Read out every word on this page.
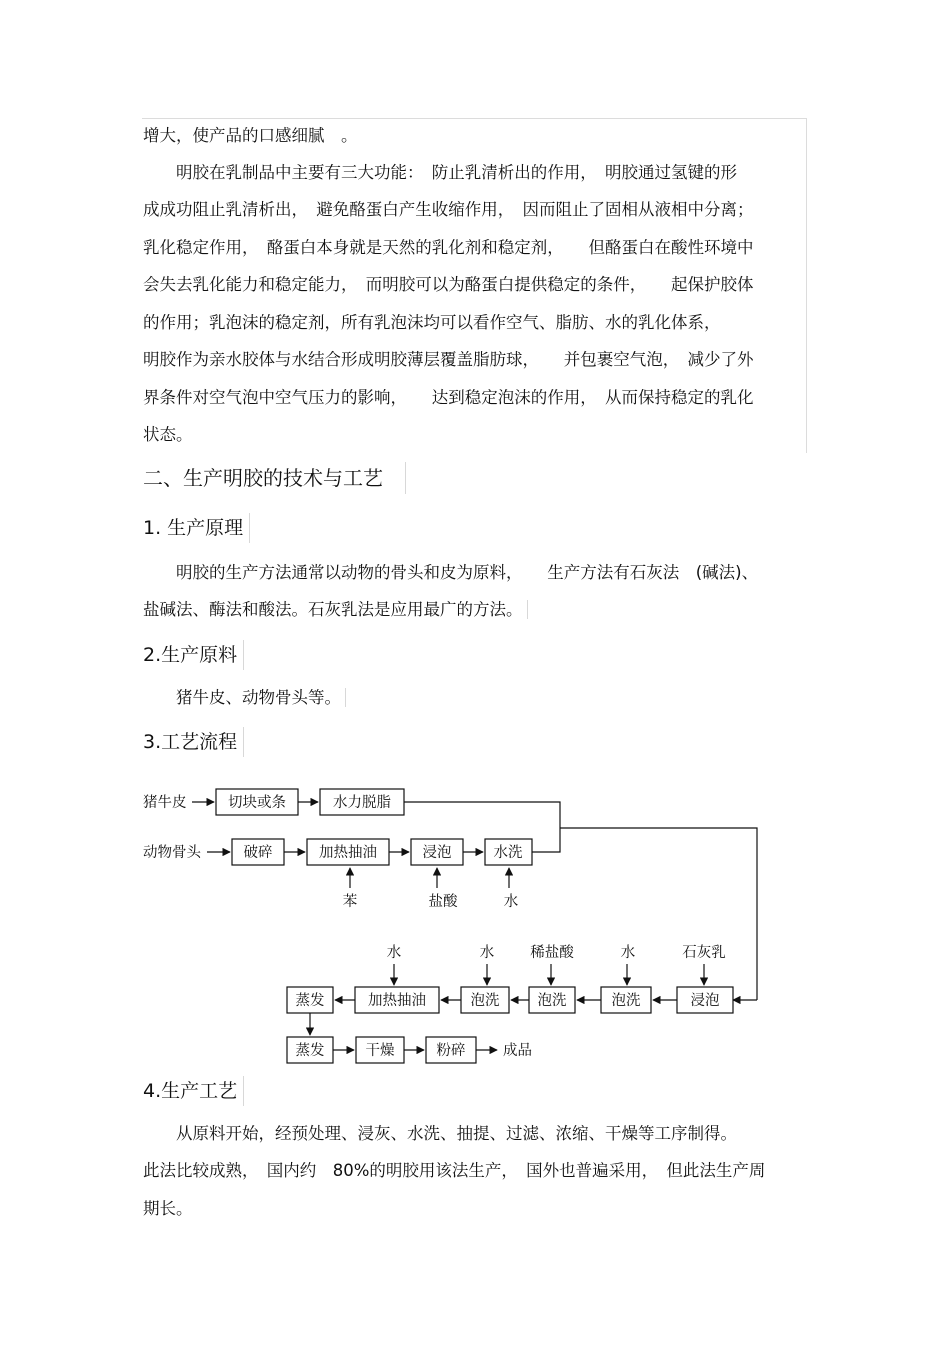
增大，使产品的口感细腻　。
　　明胶在乳制品中主要有三大功能：　防止乳清析出的作用，　明胶通过氢键的形
成成功阻止乳清析出，　避免酪蛋白产生收缩作用，　因而阻止了固相从液相中分离；
乳化稳定作用，　酪蛋白本身就是天然的乳化剂和稳定剂，　　但酪蛋白在酸性环境中
会失去乳化能力和稳定能力，　而明胶可以为酪蛋白提供稳定的条件，　　起保护胶体
的作用；乳泡沫的稳定剂，所有乳泡沫均可以看作空气、脂肪、水的乳化体系，
明胶作为亲水胶体与水结合形成明胶薄层覆盖脂肪球，　　并包裹空气泡，　减少了外
界条件对空气泡中空气压力的影响，　　达到稳定泡沫的作用，　从而保持稳定的乳化
状态。
二、生产明胶的技术与工艺
1. 生产原理
　　明胶的生产方法通常以动物的骨头和皮为原料，　　生产方法有石灰法　(碱法)、
盐碱法、酶法和酸法。石灰乳法是应用最广的方法。
2.生产原料
　　猪牛皮、动物骨头等。
3.工艺流程
猪牛皮
动物骨头
切块或条	水力脱脂
破碎	加热抽油	浸泡	水洗
苯	盐酸	水
水	水 稀盐酸	水	石灰乳
蒸发	加热抽油	泡洗	泡洗	泡洗	浸泡
蒸发	干燥	粉碎	成品
4.生产工艺
　　从原料开始，经预处理、浸灰、水洗、抽提、过滤、浓缩、干燥等工序制得。
此法比较成熟，　国内约　80%的明胶用该法生产，　国外也普遍采用，　但此法生产周
期长。
